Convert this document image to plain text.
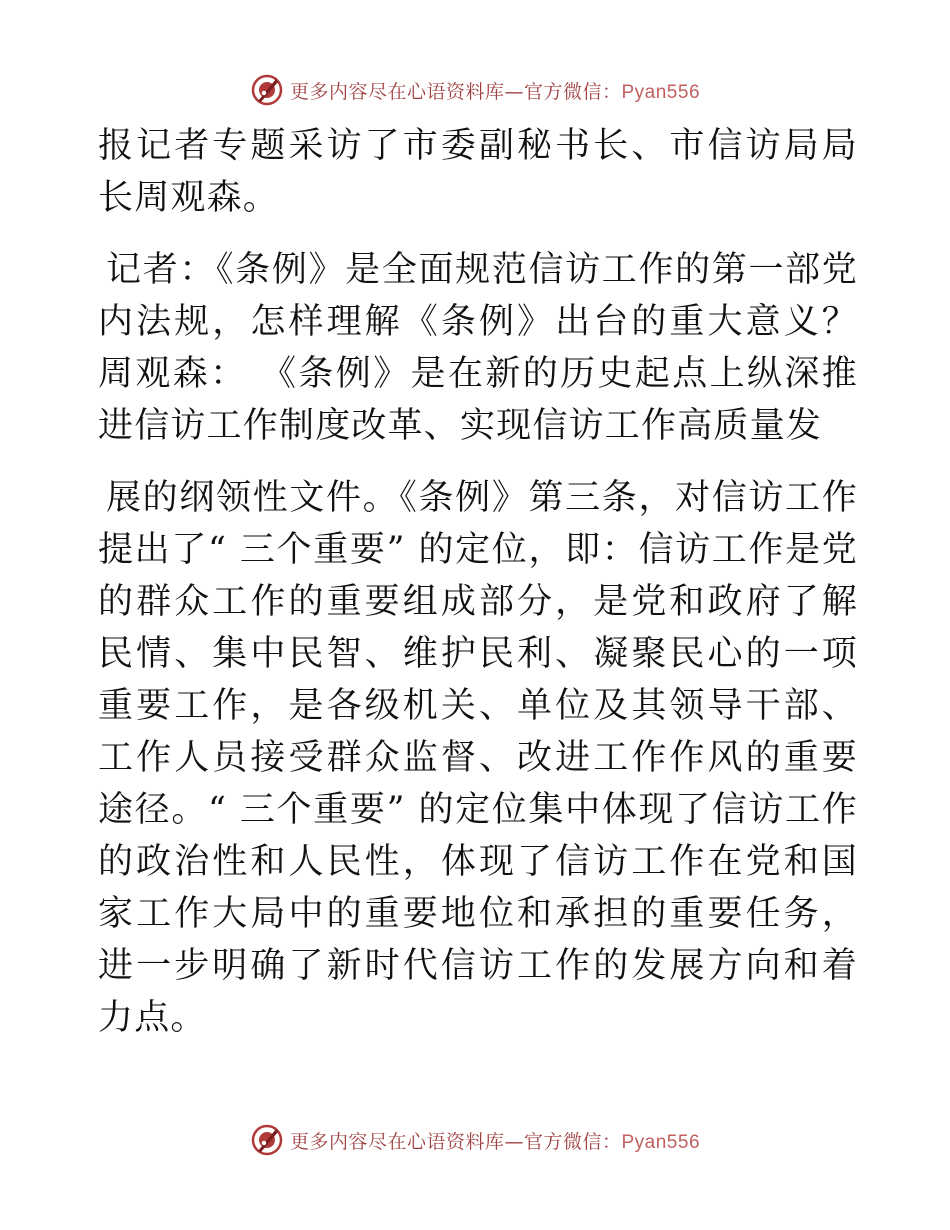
更多内容尽在心语资料库—官方微信：Pyan556

报记者专题采访了市委副秘书长、市信访局局长周观森。

记者：《条例》是全面规范信访工作的第一部党内法规，怎样理解《条例》出台的重大意义？周观森： 《条例》是在新的历史起点上纵深推进信访工作制度改革、实现信访工作高质量发

展的纲领性文件。《条例》第三条，对信访工作提出了“ 三个重要” 的定位，即：信访工作是党的群众工作的重要组成部分，是党和政府了解民情、集中民智、维护民利、凝聚民心的一项重要工作，是各级机关、单位及其领导干部、工作人员接受群众监督、改进工作作风的重要途径。“ 三个重要” 的定位集中体现了信访工作的政治性和人民性，体现了信访工作在党和国家工作大局中的重要地位和承担的重要任务，进一步明确了新时代信访工作的发展方向和着力点。

更多内容尽在心语资料库—官方微信：Pyan556
